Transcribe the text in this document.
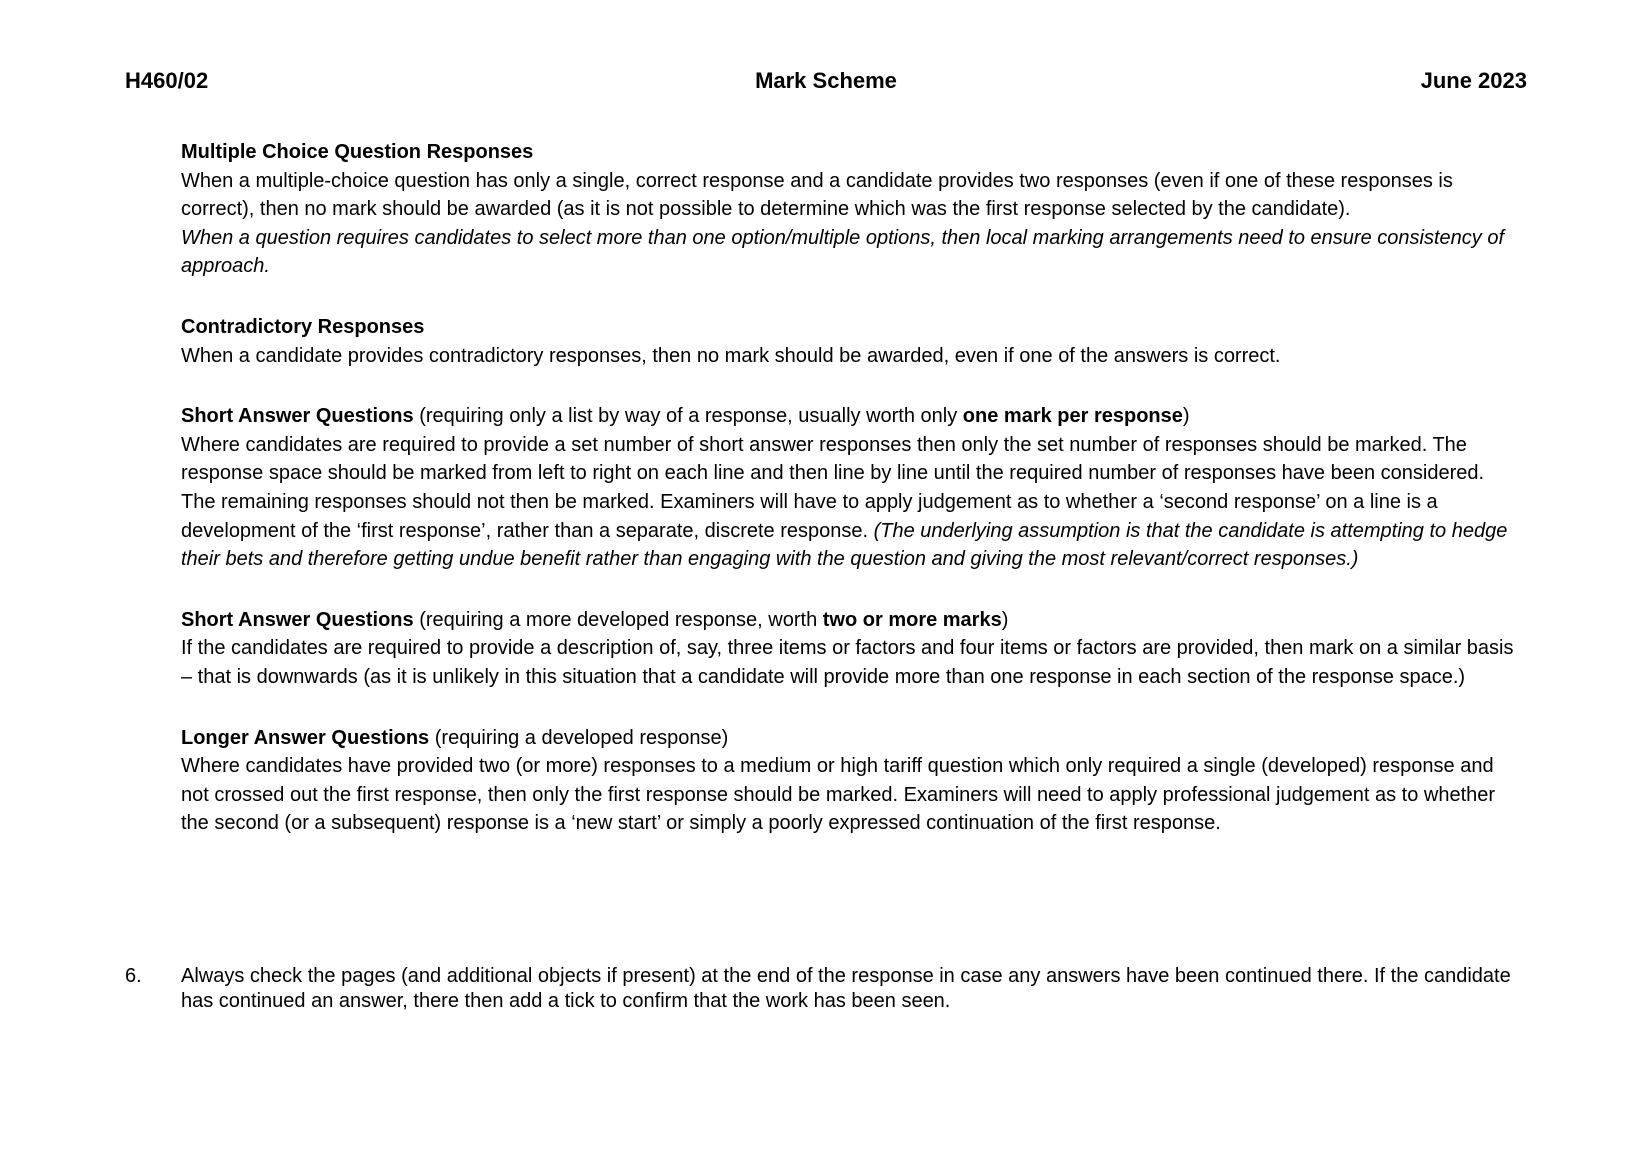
H460/02	Mark Scheme	June 2023

Multiple Choice Question Responses

When a multiple-choice question has only a single, correct response and a candidate provides two responses (even if one of these responses is correct), then no mark should be awarded (as it is not possible to determine which was the first response selected by the candidate).

When a question requires candidates to select more than one option/multiple options, then local marking arrangements need to ensure consistency of approach.

Contradictory Responses

When a candidate provides contradictory responses, then no mark should be awarded, even if one of the answers is correct.

Short Answer Questions (requiring only a list by way of a response, usually worth only one mark per response)

Where candidates are required to provide a set number of short answer responses then only the set number of responses should be marked. The response space should be marked from left to right on each line and then line by line until the required number of responses have been considered. The remaining responses should not then be marked. Examiners will have to apply judgement as to whether a ‘second response’ on a line is a development of the ‘first response’, rather than a separate, discrete response. (The underlying assumption is that the candidate is attempting to hedge their bets and therefore getting undue benefit rather than engaging with the question and giving the most relevant/correct responses.)

Short Answer Questions (requiring a more developed response, worth two or more marks)

If the candidates are required to provide a description of, say, three items or factors and four items or factors are provided, then mark on a similar basis – that is downwards (as it is unlikely in this situation that a candidate will provide more than one response in each section of the response space.)

Longer Answer Questions (requiring a developed response)

Where candidates have provided two (or more) responses to a medium or high tariff question which only required a single (developed) response and not crossed out the first response, then only the first response should be marked. Examiners will need to apply professional judgement as to whether the second (or a subsequent) response is a ‘new start’ or simply a poorly expressed continuation of the first response.

6. Always check the pages (and additional objects if present) at the end of the response in case any answers have been continued there. If the candidate has continued an answer, there then add a tick to confirm that the work has been seen.
